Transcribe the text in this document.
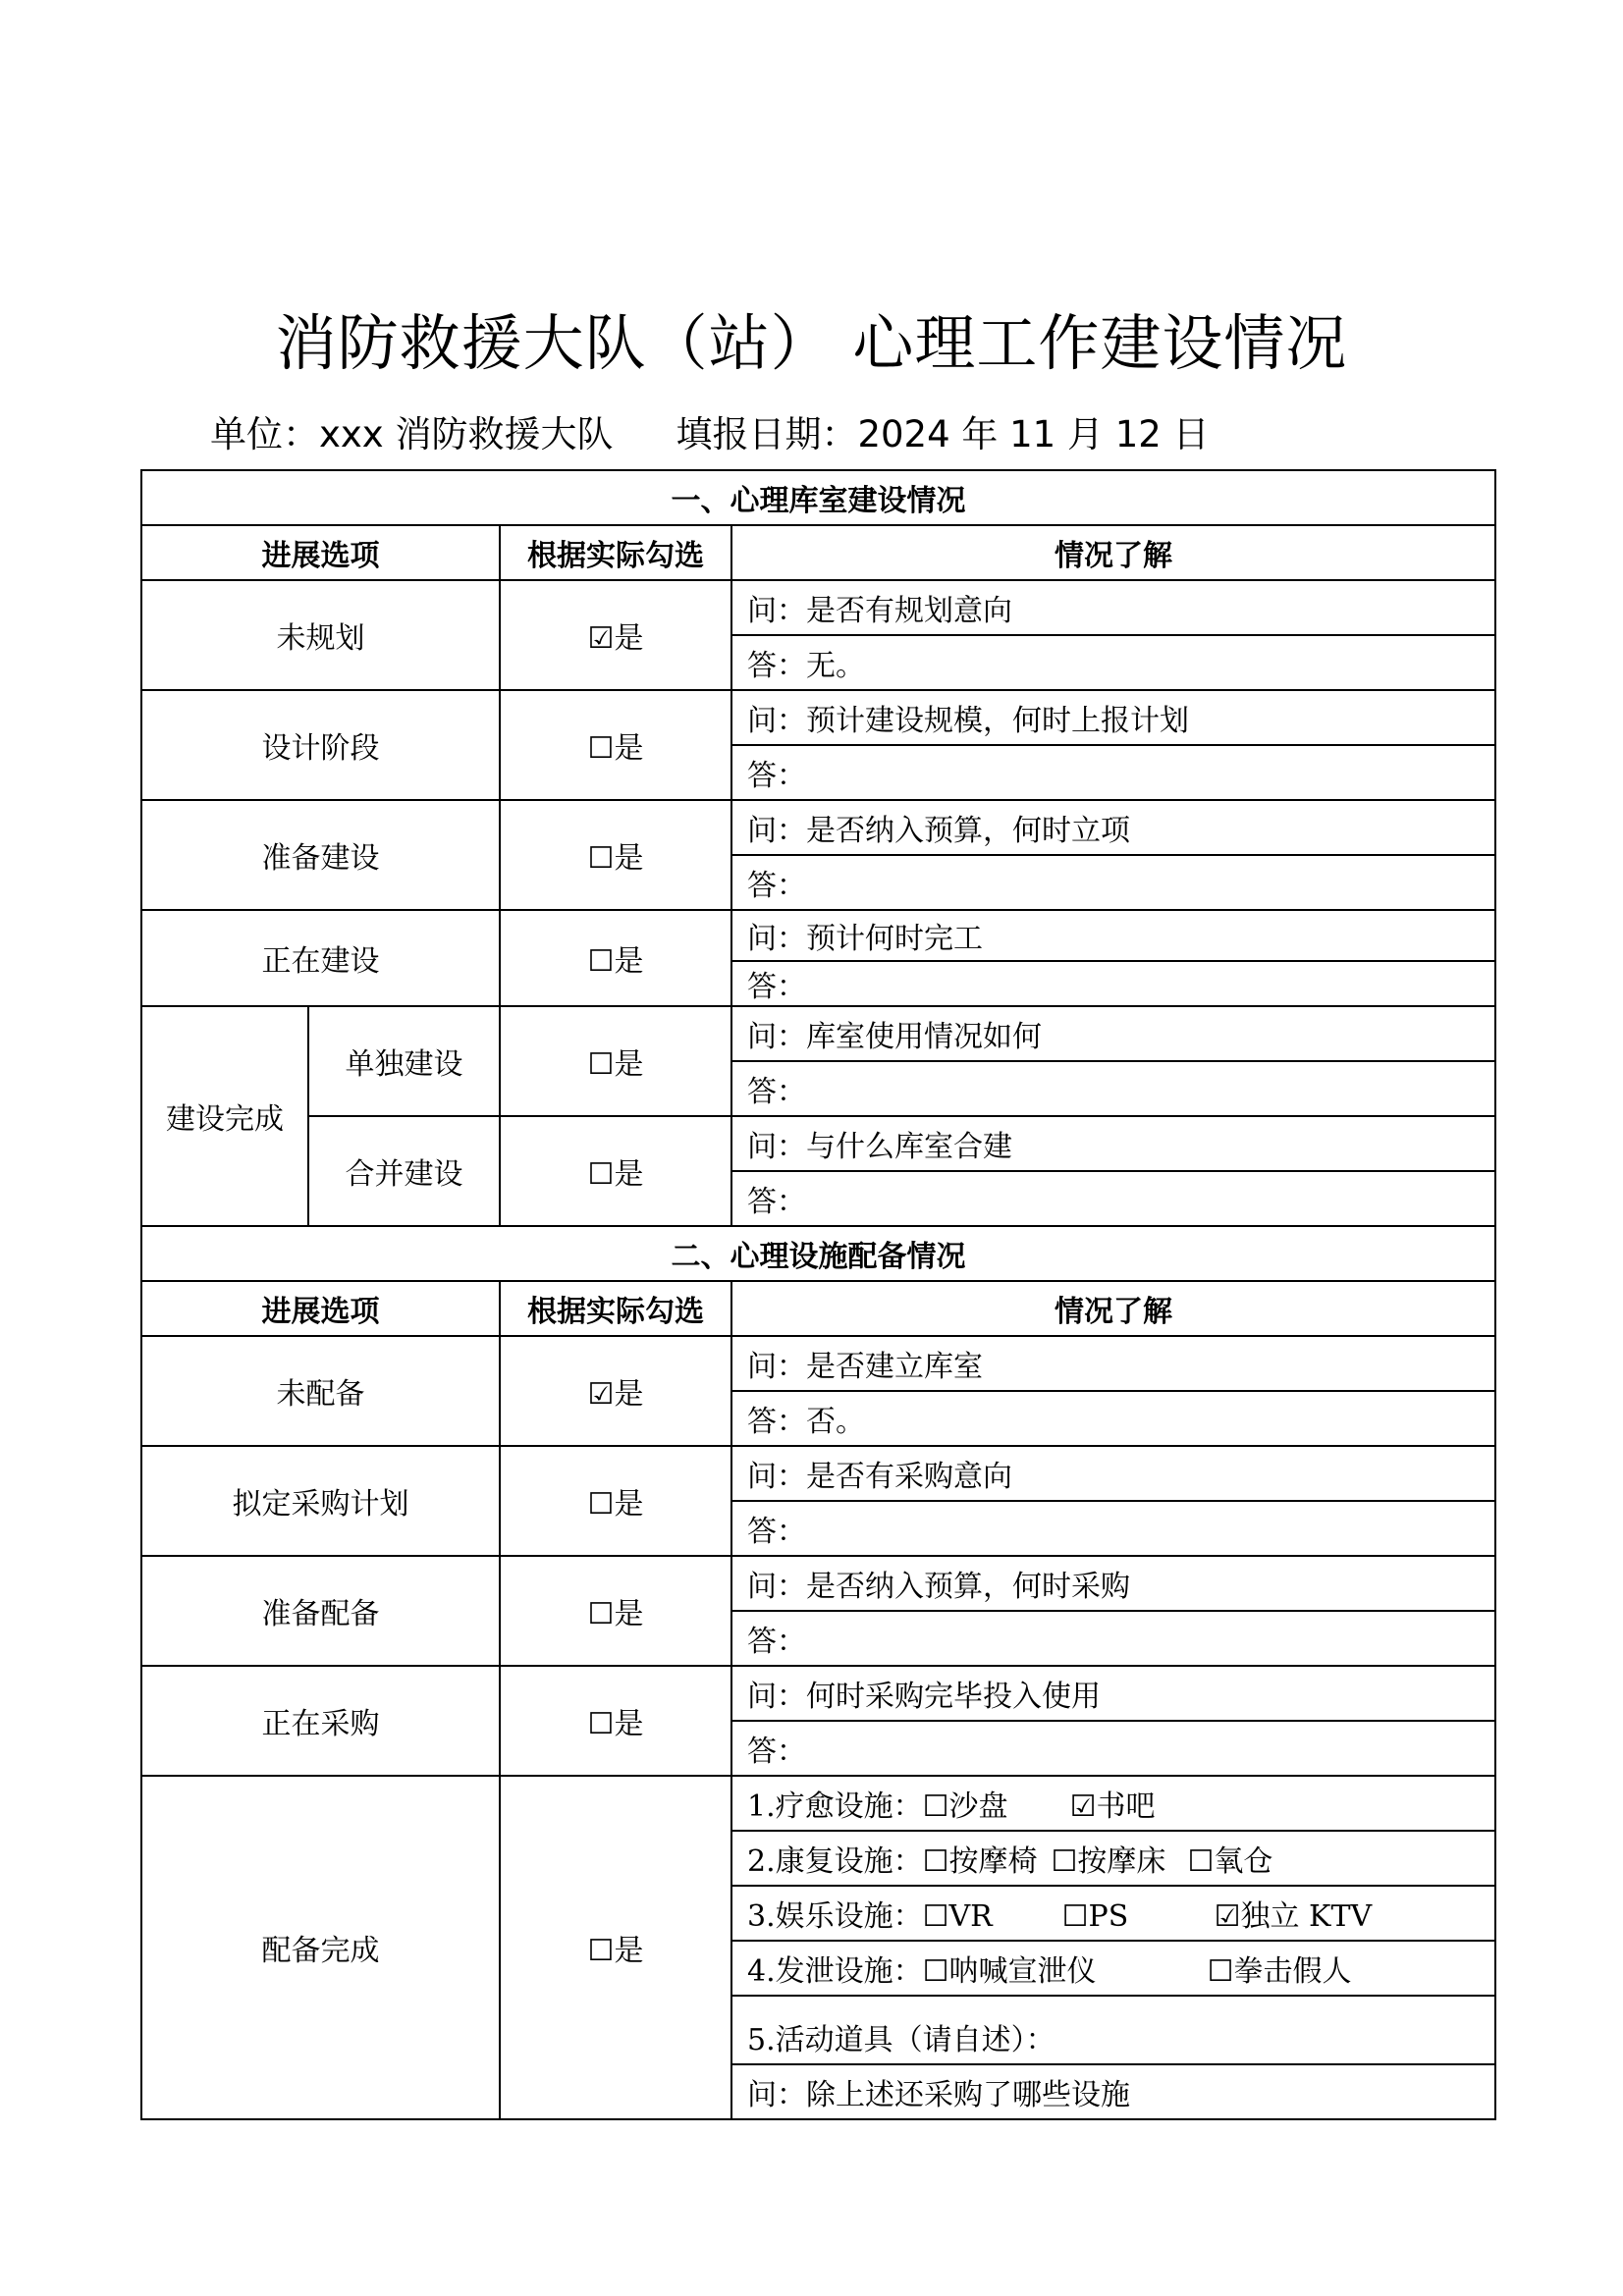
消防救援大队（站） 心理工作建设情况
单位：xxx 消防救援大队 填报日期：2024 年 11 月 12 日
一、心理库室建设情况			
进展选项		根据实际勾选	情况了解
未规划		☑是	问：是否有规划意向
			答：无。
设计阶段		☐是	问：预计建设规模，何时上报计划
			答：
准备建设		☐是	问：是否纳入预算，何时立项
			答：
正在建设		☐是	问：预计何时完工
			答：
建设完成	单独建设	☐是	问：库室使用情况如何
			答：
	合并建设	☐是	问：与什么库室合建
			答：
二、心理设施配备情况			
进展选项		根据实际勾选	情况了解
未配备		☑是	问：是否建立库室
			答：否。
拟定采购计划		☐是	问：是否有采购意向
			答：
准备配备		☐是	问：是否纳入预算，何时采购
			答：
正在采购		☐是	问：何时采购完毕投入使用
			答：
配备完成		☐是	1.疗愈设施：☐沙盘 ☑书吧
			2.康复设施：☐按摩椅 ☐按摩床 ☐氧仓
			3.娱乐设施：☐VR ☐PS ☑独立 KTV
			4.发泄设施：☐呐喊宣泄仪 ☐拳击假人
			5.活动道具（请自述）：
			问：除上述还采购了哪些设施
